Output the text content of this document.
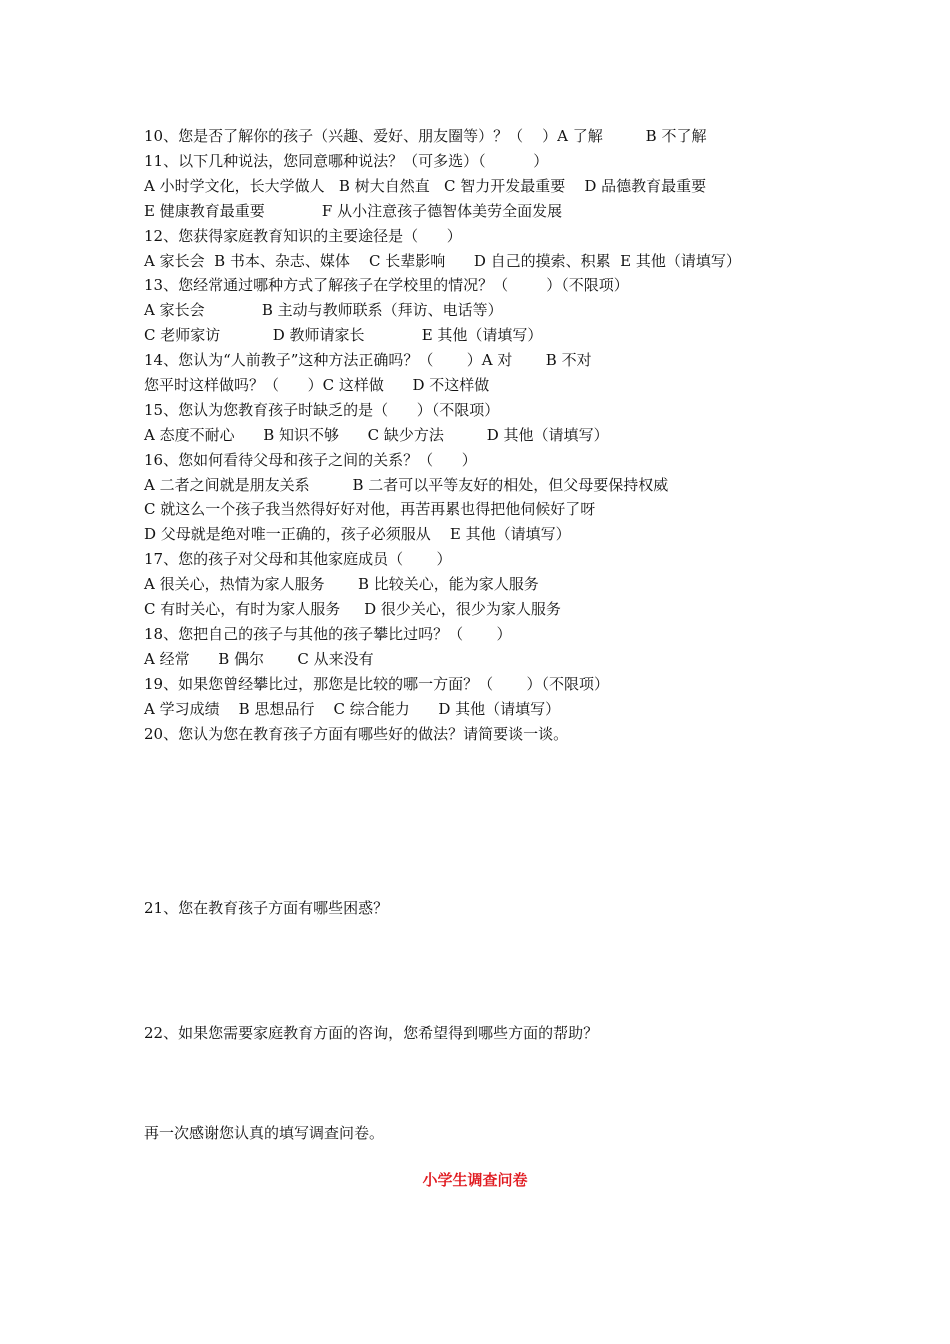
10、您是否了解你的孩子（兴趣、爱好、朋友圈等）？（    ）A 了解         B 不了解
11、以下几种说法，您同意哪种说法？（可多选）（          ）
A 小时学文化，长大学做人   B 树大自然直   C 智力开发最重要    D 品德教育最重要
E 健康教育最重要            F 从小注意孩子德智体美劳全面发展
12、您获得家庭教育知识的主要途径是（      ）
A 家长会  B 书本、杂志、媒体    C 长辈影响      D 自己的摸索、积累  E 其他（请填写）
13、您经常通过哪种方式了解孩子在学校里的情况？（        ）（不限项）
A 家长会            B 主动与教师联系（拜访、电话等）
C 老师家访           D 教师请家长            E 其他（请填写）
14、您认为“人前教子”这种方法正确吗？（       ）A 对       B 不对
您平时这样做吗？（      ）C 这样做      D 不这样做
15、您认为您教育孩子时缺乏的是（      ）（不限项）
A 态度不耐心      B 知识不够      C 缺少方法         D 其他（请填写）
16、您如何看待父母和孩子之间的关系？（      ）
A 二者之间就是朋友关系         B 二者可以平等友好的相处，但父母要保持权威
C 就这么一个孩子我当然得好好对他，再苦再累也得把他伺候好了呀
D 父母就是绝对唯一正确的，孩子必须服从    E 其他（请填写）
17、您的孩子对父母和其他家庭成员（       ）
A 很关心，热情为家人服务       B 比较关心，能为家人服务
C 有时关心，有时为家人服务     D 很少关心，很少为家人服务
18、您把自己的孩子与其他的孩子攀比过吗？（       ）
A 经常      B 偶尔       C 从来没有
19、如果您曾经攀比过，那您是比较的哪一方面？（       ）（不限项）
A 学习成绩    B 思想品行    C 综合能力      D 其他（请填写）
20、您认为您在教育孩子方面有哪些好的做法？请简要谈一谈。
21、您在教育孩子方面有哪些困惑？
22、如果您需要家庭教育方面的咨询，您希望得到哪些方面的帮助？
再一次感谢您认真的填写调查问卷。
小学生调查问卷
